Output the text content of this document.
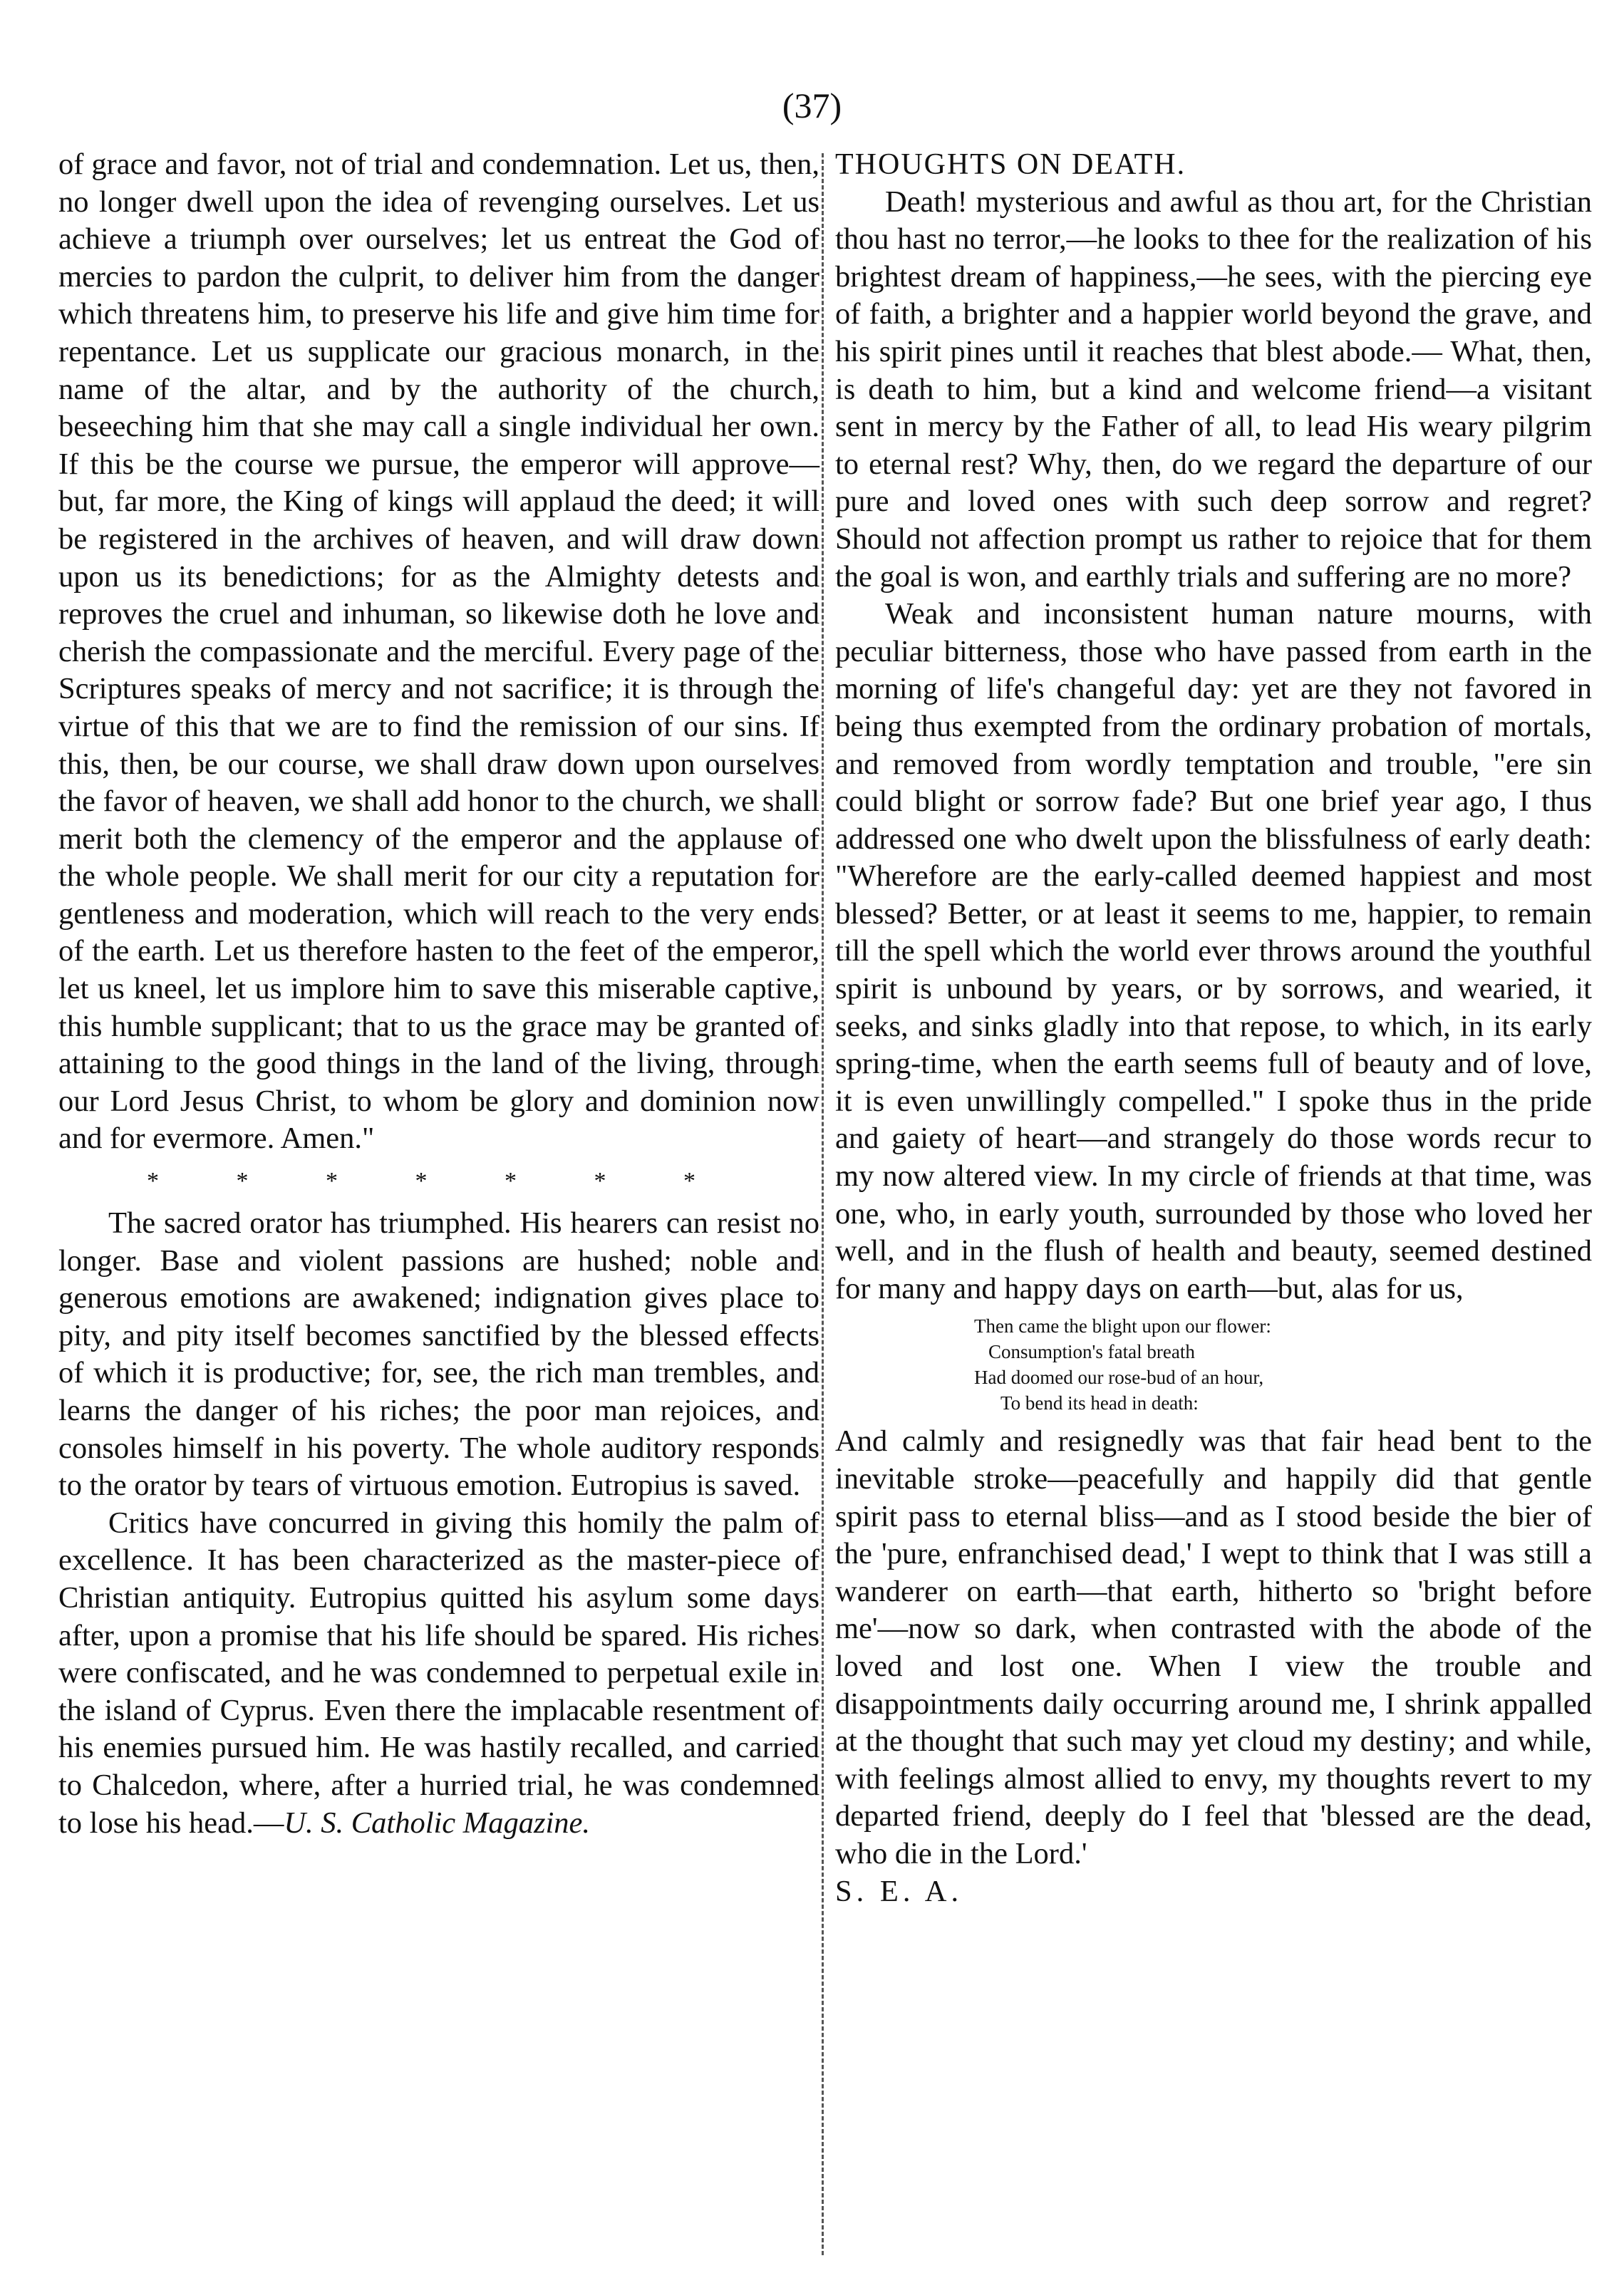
(37)

of grace and favor, not of trial and condemnation. Let us, then, no longer dwell upon the idea of revenging ourselves. Let us achieve a triumph over ourselves; let us entreat the God of mercies to pardon the culprit, to deliver him from the danger which threatens him, to preserve his life and give him time for repentance. Let us supplicate our gracious monarch, in the name of the altar, and by the authority of the church, beseeching him that she may call a single individual her own. If this be the course we pursue, the emperor will approve—but, far more, the King of kings will applaud the deed; it will be registered in the archives of heaven, and will draw down upon us its benedictions; for as the Almighty detests and reproves the cruel and inhuman, so likewise doth he love and cherish the compassionate and the merciful. Every page of the Scriptures speaks of mercy and not sacrifice; it is through the virtue of this that we are to find the remission of our sins. If this, then, be our course, we shall draw down upon ourselves the favor of heaven, we shall add honor to the church, we shall merit both the clemency of the emperor and the applause of the whole people. We shall merit for our city a reputation for gentleness and moderation, which will reach to the very ends of the earth. Let us therefore hasten to the feet of the emperor, let us kneel, let us implore him to save this miserable captive, this humble supplicant; that to us the grace may be granted of attaining to the good things in the land of the living, through our Lord Jesus Christ, to whom be glory and dominion now and for evermore. Amen."

* * * * * * *

The sacred orator has triumphed. His hearers can resist no longer. Base and violent passions are hushed; noble and generous emotions are awakened; indignation gives place to pity, and pity itself becomes sanctified by the blessed effects of which it is productive; for, see, the rich man trembles, and learns the danger of his riches; the poor man rejoices, and consoles himself in his poverty. The whole auditory responds to the orator by tears of virtuous emotion. Eutropius is saved.

Critics have concurred in giving this homily the palm of excellence. It has been characterized as the master-piece of Christian antiquity. Eutropius quitted his asylum some days after, upon a promise that his life should be spared. His riches were confiscated, and he was condemned to perpetual exile in the island of Cyprus. Even there the implacable resentment of his enemies pursued him. He was hastily recalled, and carried to Chalcedon, where, after a hurried trial, he was condemned to lose his head.—U. S. Catholic Magazine.

THOUGHTS ON DEATH.

Death! mysterious and awful as thou art, for the Christian thou hast no terror,—he looks to thee for the realization of his brightest dream of happiness,—he sees, with the piercing eye of faith, a brighter and a happier world beyond the grave, and his spirit pines until it reaches that blest abode.— What, then, is death to him, but a kind and welcome friend—a visitant sent in mercy by the Father of all, to lead His weary pilgrim to eternal rest? Why, then, do we regard the departure of our pure and loved ones with such deep sorrow and regret? Should not affection prompt us rather to rejoice that for them the goal is won, and earthly trials and suffering are no more?

Weak and inconsistent human nature mourns, with peculiar bitterness, those who have passed from earth in the morning of life's changeful day: yet are they not favored in being thus exempted from the ordinary probation of mortals, and removed from wordly temptation and trouble, "ere sin could blight or sorrow fade? But one brief year ago, I thus addressed one who dwelt upon the blissfulness of early death: "Wherefore are the early-called deemed happiest and most blessed? Better, or at least it seems to me, happier, to remain till the spell which the world ever throws around the youthful spirit is unbound by years, or by sorrows, and wearied, it seeks, and sinks gladly into that repose, to which, in its early spring-time, when the earth seems full of beauty and of love, it is even unwillingly compelled." I spoke thus in the pride and gaiety of heart—and strangely do those words recur to my now altered view. In my circle of friends at that time, was one, who, in early youth, surrounded by those who loved her well, and in the flush of health and beauty, seemed destined for many and happy days on earth—but, alas for us,

Then came the blight upon our flower:
Consumption's fatal breath
Had doomed our rose-bud of an hour,
To bend its head in death:

And calmly and resignedly was that fair head bent to the inevitable stroke—peacefully and happily did that gentle spirit pass to eternal bliss—and as I stood beside the bier of the 'pure, enfranchised dead,' I wept to think that I was still a wanderer on earth—that earth, hitherto so 'bright before me'—now so dark, when contrasted with the abode of the loved and lost one. When I view the trouble and disappointments daily occurring around me, I shrink appalled at the thought that such may yet cloud my destiny; and while, with feelings almost allied to envy, my thoughts revert to my departed friend, deeply do I feel that 'blessed are the dead, who die in the Lord.'

S. E. A.
